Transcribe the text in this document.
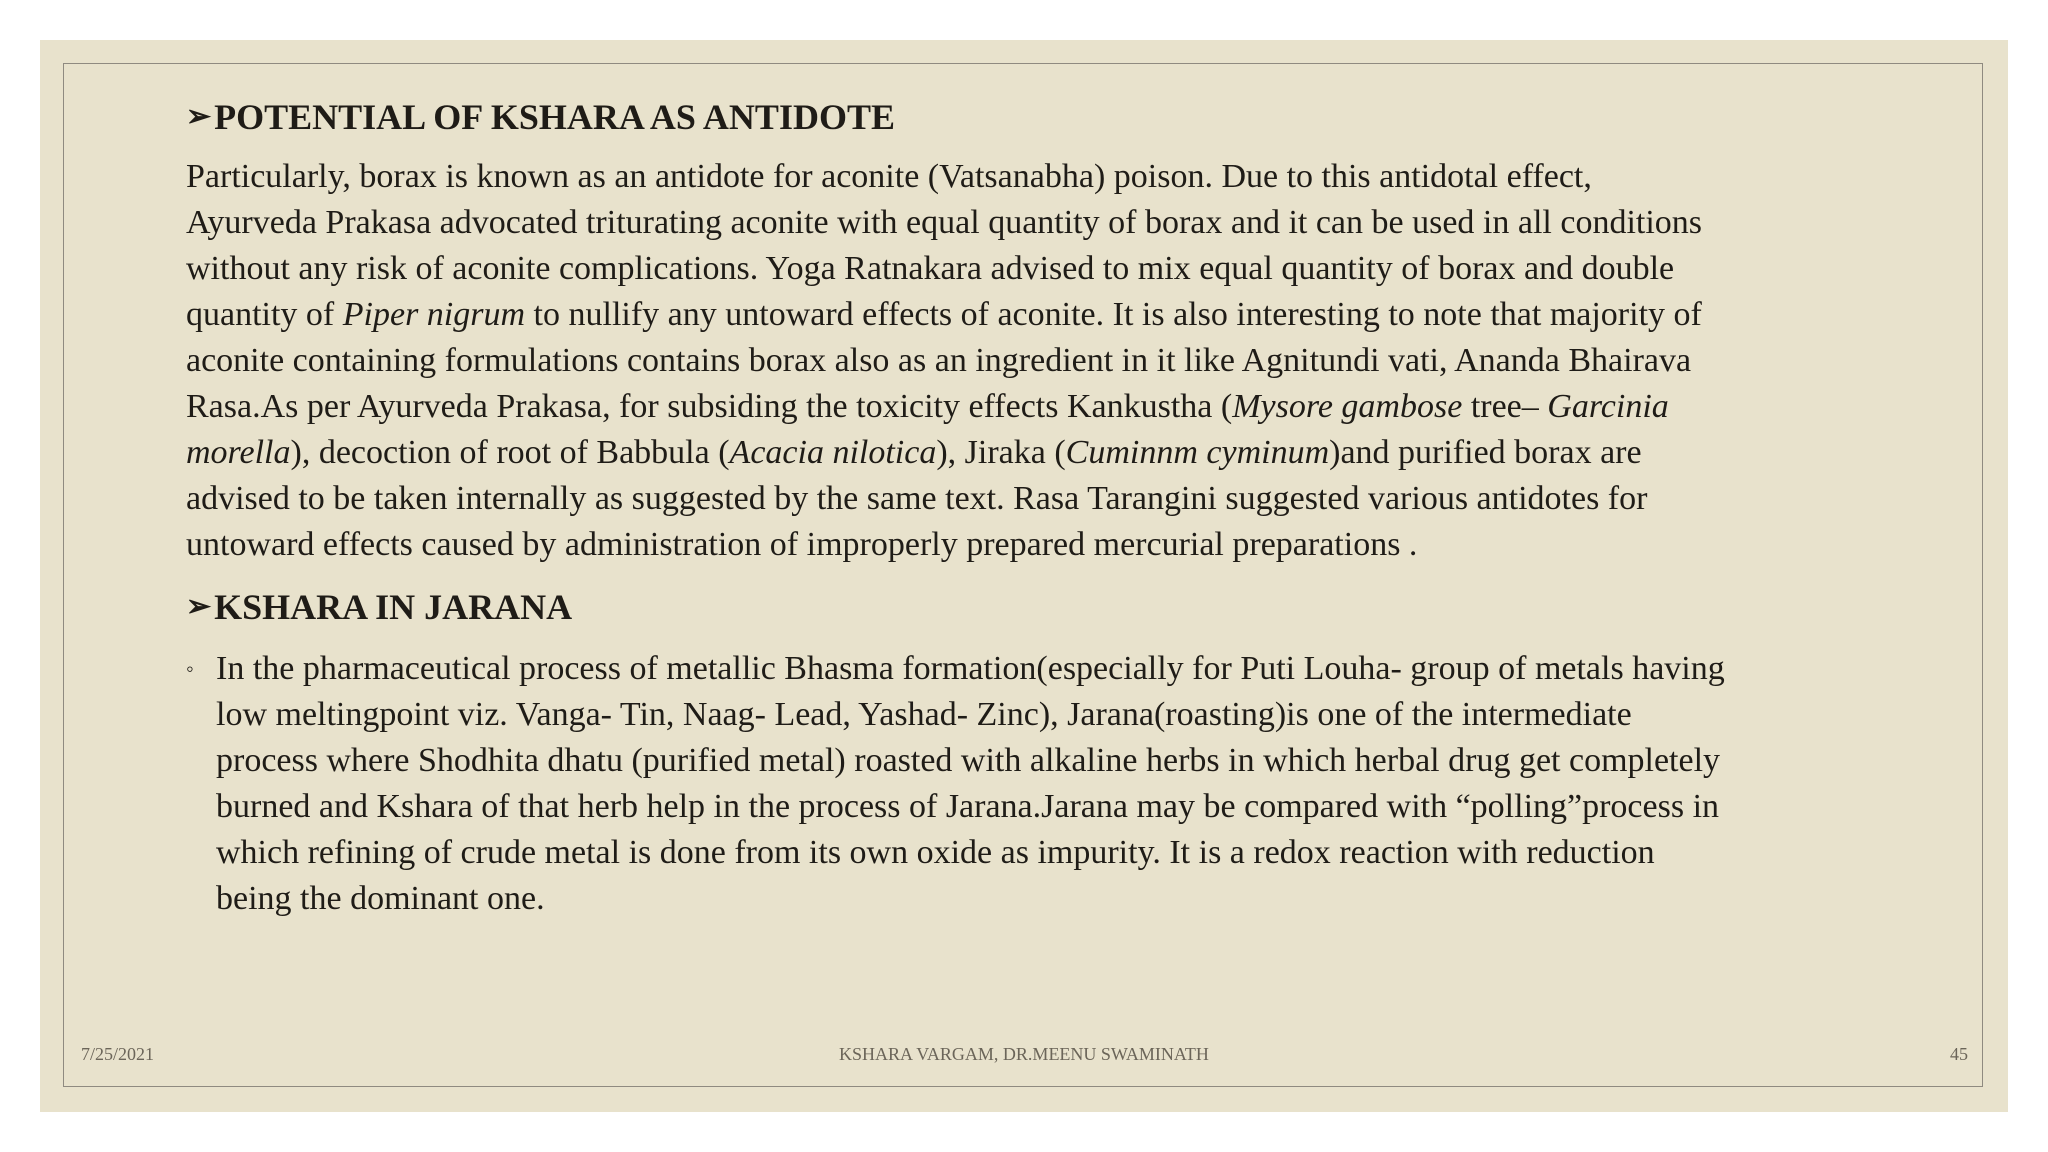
➢ POTENTIAL OF KSHARA AS ANTIDOTE

Particularly, borax is known as an antidote for aconite (Vatsanabha) poison. Due to this antidotal effect, Ayurveda Prakasa advocated triturating aconite with equal quantity of borax and it can be used in all conditions without any risk of aconite complications. Yoga Ratnakara advised to mix equal quantity of borax and double quantity of Piper nigrum to nullify any untoward effects of aconite. It is also interesting to note that majority of aconite containing formulations contains borax also as an ingredient in it like Agnitundi vati, Ananda Bhairava Rasa.As per Ayurveda Prakasa, for subsiding the toxicity effects Kankustha (Mysore gambose tree– Garcinia morella), decoction of root of Babbula (Acacia nilotica), Jiraka (Cuminnm cyminum)and purified borax are advised to be taken internally as suggested by the same text. Rasa Tarangini suggested various antidotes for untoward effects caused by administration of improperly prepared mercurial preparations .

➢ KSHARA IN JARANA
◦ In the pharmaceutical process of metallic Bhasma formation(especially for Puti Louha- group of metals having low meltingpoint viz. Vanga- Tin, Naag- Lead, Yashad- Zinc), Jarana(roasting)is one of the intermediate process where Shodhita dhatu (purified metal) roasted with alkaline herbs in which herbal drug get completely burned and Kshara of that herb help in the process of Jarana.Jarana may be compared with “polling”process in which refining of crude metal is done from its own oxide as impurity. It is a redox reaction with reduction being the dominant one.
7/25/2021	KSHARA VARGAM, DR.MEENU SWAMINATH	45
